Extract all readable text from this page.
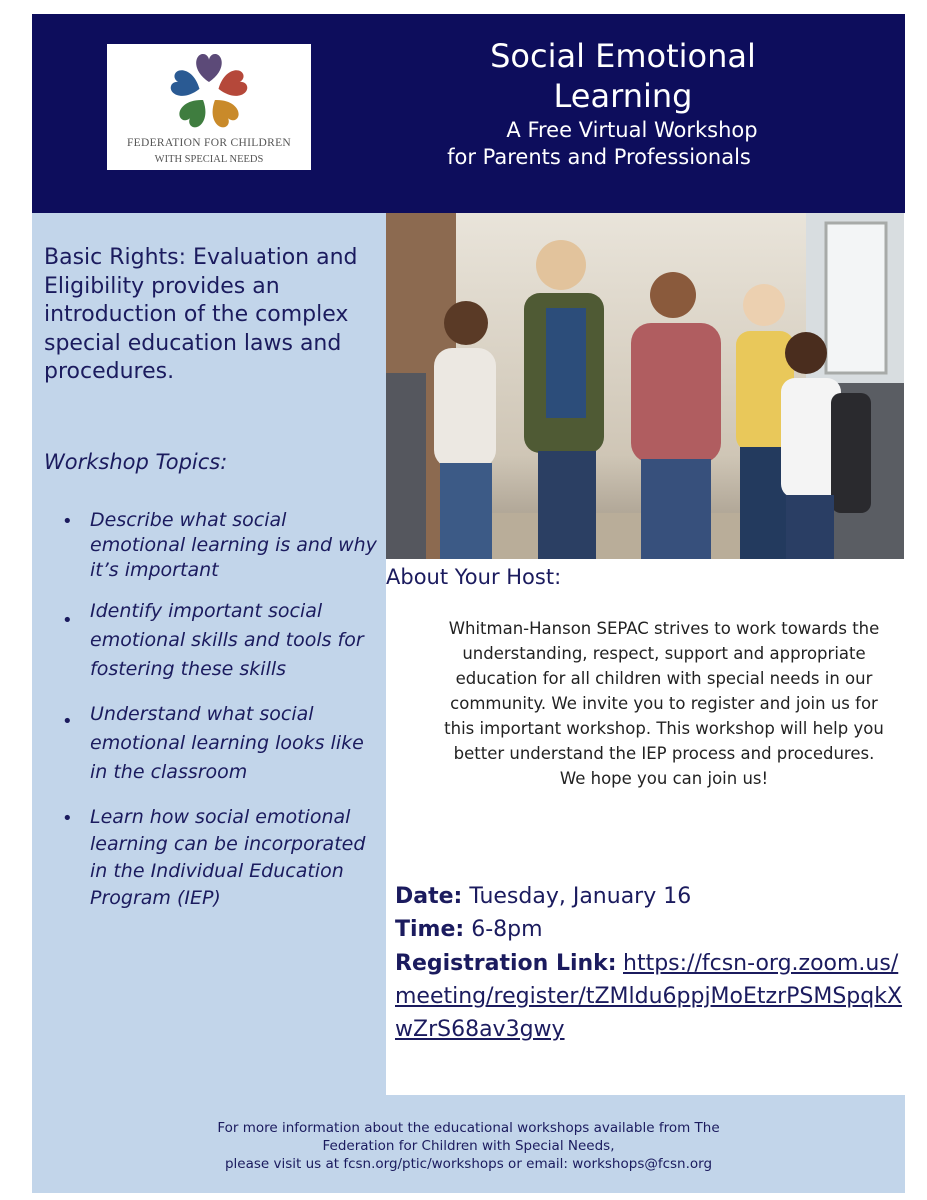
FEDERATION FOR CHILDREN
WITH SPECIAL NEEDS
Social Emotional
Learning
A Free Virtual Workshop
for Parents and Professionals
Basic Rights: Evaluation and Eligibility provides an introduction of the complex special education laws and procedures.
Workshop Topics:
• Describe what social emotional learning is and why it’s important
• Identify important social emotional skills and tools for fostering these skills
• Understand what social emotional learning looks like in the classroom
• Learn how social emotional learning can be incorporated in the Individual Education Program (IEP)
About Your Host:
Whitman-Hanson SEPAC strives to work towards the
understanding, respect, support and appropriate
education for all children with special needs in our
community. We invite you to register and join us for
this important workshop. This workshop will help you
better understand the IEP process and procedures.
We hope you can join us!
Date: Tuesday, January 16
Time: 6-8pm
Registration Link: https://fcsn-org.zoom.us/meeting/register/tZMldu6ppjMoEtzrPSMSpqkXwZrS68av3gwy
For more information about the educational workshops available from The
Federation for Children with Special Needs,
please visit us at fcsn.org/ptic/workshops or email: workshops@fcsn.org
